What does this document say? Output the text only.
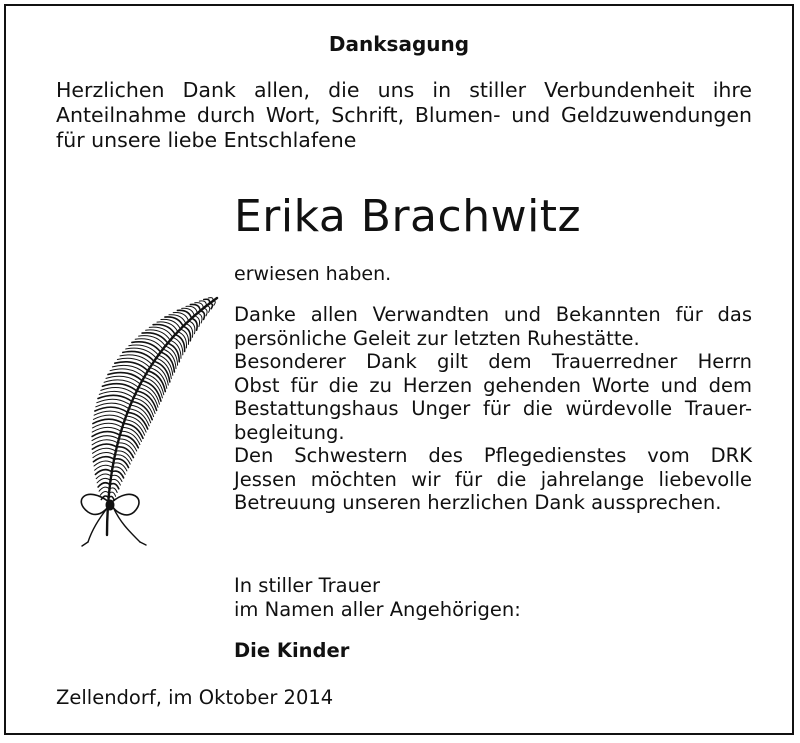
Danksagung
Herzlichen Dank allen, die uns in stiller Verbundenheit ihre Anteilnahme durch Wort, Schrift, Blumen- und Geldzuwendungen für unsere liebe Entschlafene
Erika Brachwitz
erwiesen haben.
Danke allen Verwandten und Bekannten für das
persönliche Geleit zur letzten Ruhestätte.
Besonderer Dank gilt dem Trauerredner Herrn
Obst für die zu Herzen gehenden Worte und dem
Bestattungshaus Unger für die würdevolle Trauer-
begleitung.
Den Schwestern des Pflegedienstes vom DRK
Jessen möchten wir für die jahrelange liebevolle
Betreuung unseren herzlichen Dank aussprechen.
In stiller Trauer
im Namen aller Angehörigen:
Die Kinder
Zellendorf, im Oktober 2014
